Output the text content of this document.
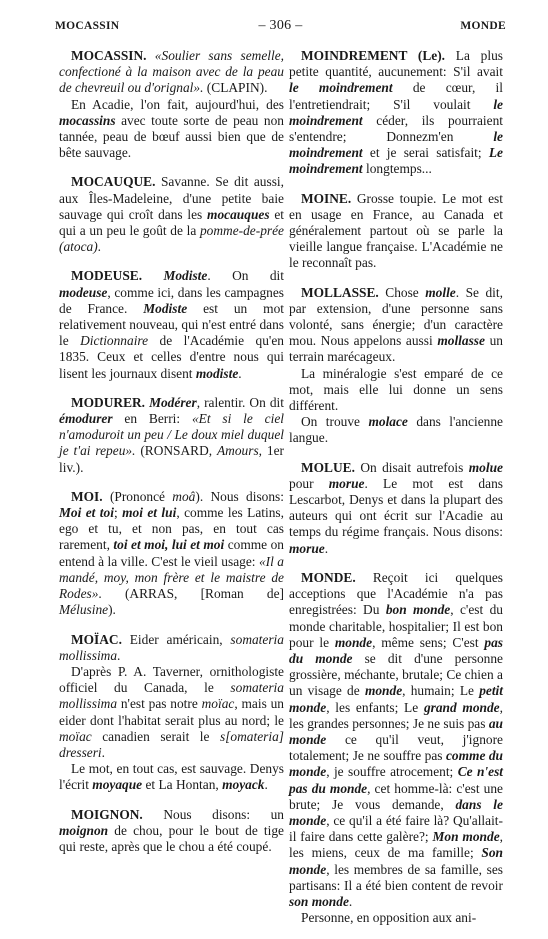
MOCASSIN	– 306 –	MONDE

MOCASSIN. «Soulier sans semelle, confectioné à la maison avec de la peau de chevreuil ou d'orignal». (CLAPIN).

En Acadie, l'on fait, aujourd'hui, des mocassins avec toute sorte de peau non tannée, peau de bœuf aussi bien que de bête sauvage.

MOCAUQUE. Savanne. Se dit aussi, aux Îles-Madeleine, d'une petite baie sauvage qui croît dans les mocauques et qui a un peu le goût de la pomme-de-prée (atoca).

MODEUSE. Modiste. On dit modeuse, comme ici, dans les campagnes de France. Modiste est un mot relativement nouveau, qui n'est entré dans le Dictionnaire de l'Académie qu'en 1835. Ceux et celles d'entre nous qui lisent les journaux disent modiste.

MODURER. Modérer, ralentir. On dit émodurer en Berri: «Et si le ciel n'amoduroit un peu / Le doux miel duquel je t'ai repeu». (RONSARD, Amours, 1er liv.).

MOI. (Prononcé moâ). Nous disons: Moi et toi; moi et lui, comme les Latins, ego et tu, et non pas, en tout cas rarement, toi et moi, lui et moi comme on entend à la ville. C'est le vieil usage: «Il a mandé, moy, mon frère et le maistre de Rodes». (ARRAS, [Roman de] Mélusine).

MOÏAC. Eider américain, somateria mollissima.

D'après P. A. Taverner, ornithologiste officiel du Canada, le somateria mollissima n'est pas notre moïac, mais un eider dont l'habitat serait plus au nord; le moïac canadien serait le s[omateria] dresseri.

Le mot, en tout cas, est sauvage. Denys l'écrit moyaque et La Hontan, moyack.

MOIGNON. Nous disons: un moignon de chou, pour le bout de tige qui reste, après que le chou a été coupé.

MOINDREMENT (Le). La plus petite quantité, aucunement: S'il avait le moindrement de cœur, il l'entretiendrait; S'il voulait le moindrement céder, ils pourraient s'entendre; Donnezm'en	le moindrement et je serai satisfait; Le moindrement longtemps...

MOINE. Grosse toupie. Le mot est en usage en France, au Canada et généralement partout où se parle la vieille langue française. L'Académie ne le reconnaît pas.

MOLLASSE. Chose molle. Se dit, par extension, d'une personne sans volonté, sans énergie; d'un caractère mou. Nous appelons aussi mollasse un terrain marécageux.

La minéralogie s'est emparé de ce mot, mais elle lui donne un sens différent.

On trouve molace dans l'ancienne langue.

MOLUE. On disait autrefois molue pour morue. Le mot est dans Lescarbot, Denys et dans la plupart des auteurs qui ont écrit sur l'Acadie au temps du régime français. Nous disons: morue.

MONDE. Reçoit ici quelques acceptions que l'Académie n'a pas enregistrées: Du bon monde, c'est du monde charitable, hospitalier; Il est bon pour le monde, même sens; C'est pas du monde se dit d'une personne grossière, méchante, brutale; Ce chien a un visage de monde, humain; Le petit monde, les enfants; Le grand monde, les grandes personnes; Je ne suis pas au monde ce qu'il veut, j'ignore totalement; Je ne souffre pas comme du monde, je souffre atrocement; Ce n'est pas du monde, cet homme-là: c'est une brute; Je vous demande, dans le monde, ce qu'il a été faire là? Qu'allait-il faire dans cette galère?; Mon monde, les miens, ceux de ma famille; Son monde, les membres de sa famille, ses partisans: Il a été bien content de revoir son monde.

Personne, en opposition aux ani-
